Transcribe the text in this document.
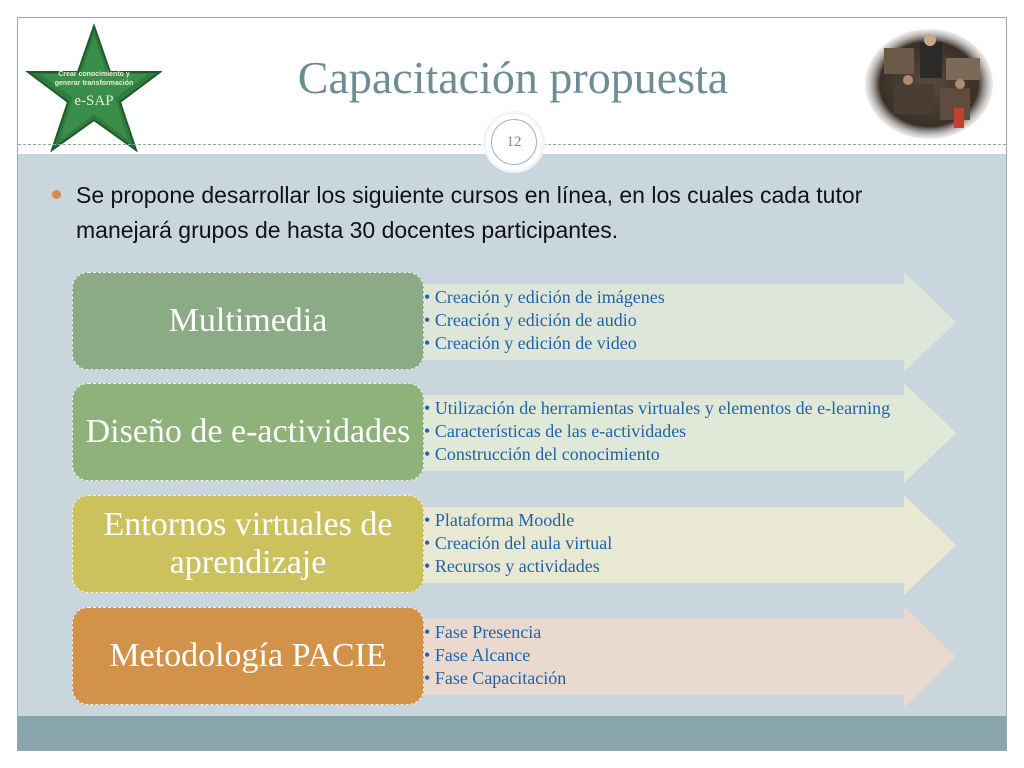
Crear conocimiento y
generar transformación
e-SAP	Capacitación propuesta
12
Se propone desarrollar los siguiente cursos en línea, en los cuales cada tutor manejará grupos de hasta 30 docentes participantes.
Multimedia
• Creación y edición de imágenes
• Creación y edición de audio
• Creación y edición de video
Diseño de e-actividades
• Utilización de herramientas virtuales y elementos de e-learning
• Características de las e-actividades
• Construcción del conocimiento
Entornos virtuales de aprendizaje
• Plataforma Moodle
• Creación del aula virtual
• Recursos y actividades
Metodología PACIE
• Fase Presencia
• Fase Alcance
• Fase Capacitación
